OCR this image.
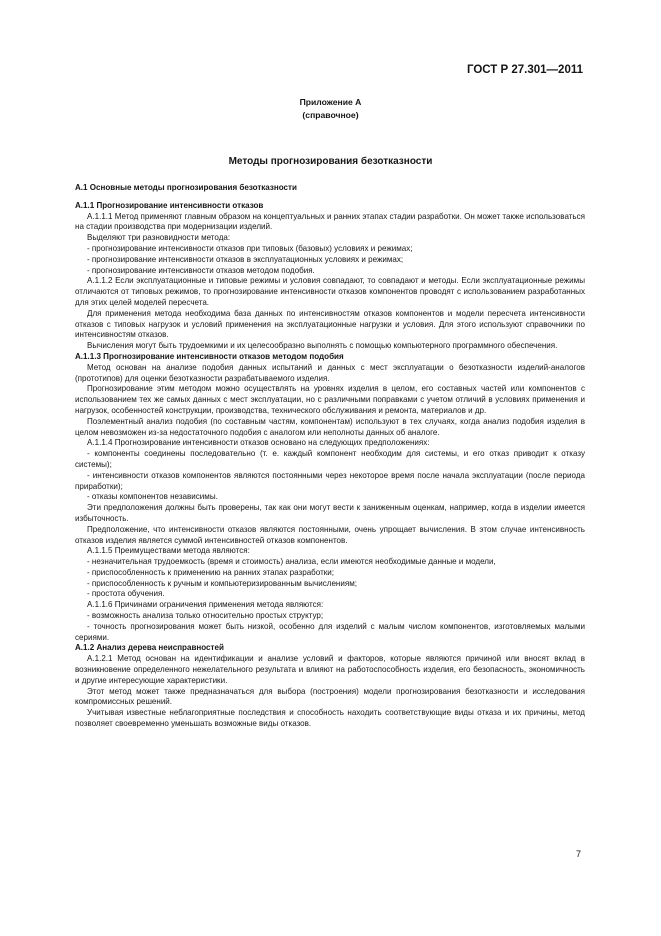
ГОСТ Р 27.301—2011
Приложение А
(справочное)
Методы прогнозирования безотказности

А.1 Основные методы прогнозирования безотказности

А.1.1 Прогнозирование интенсивности отказов

А.1.1.1 Метод применяют главным образом на концептуальных и ранних этапах стадии разработки. Он может также использоваться на стадии производства при модернизации изделий.

Выделяют три разновидности метода:

- прогнозирование интенсивности отказов при типовых (базовых) условиях и режимах;

- прогнозирование интенсивности отказов в эксплуатационных условиях и режимах;

- прогнозирование интенсивности отказов методом подобия.

А.1.1.2 Если эксплуатационные и типовые режимы и условия совпадают, то совпадают и методы. Если эксплуатационные режимы отличаются от типовых режимов, то прогнозирование интенсивности отказов компонентов проводят с использованием разработанных для этих целей моделей пересчета.

Для применения метода необходима база данных по интенсивностям отказов компонентов и модели пересчета интенсивности отказов с типовых нагрузок и условий применения на эксплуатационные нагрузки и условия. Для этого используют справочники по интенсивностям отказов.

Вычисления могут быть трудоемкими и их целесообразно выполнять с помощью компьютерного программного обеспечения.

А.1.1.3 Прогнозирование интенсивности отказов методом подобия

Метод основан на анализе подобия данных испытаний и данных с мест эксплуатации о безотказности изделий-аналогов (прототипов) для оценки безотказности разрабатываемого изделия.

Прогнозирование этим методом можно осуществлять на уровнях изделия в целом, его составных частей или компонентов с использованием тех же самых данных с мест эксплуатации, но с различными поправками с учетом отличий в условиях применения и нагрузок, особенностей конструкции, производства, технического обслуживания и ремонта, материалов и др.

Поэлементный анализ подобия (по составным частям, компонентам) используют в тех случаях, когда анализ подобия изделия в целом невозможен из-за недостаточного подобия с аналогом или неполноты данных об аналоге.

А.1.1.4 Прогнозирование интенсивности отказов основано на следующих предположениях:

- компоненты соединены последовательно (т. е. каждый компонент необходим для системы, и его отказ приводит к отказу системы);

- интенсивности отказов компонентов являются постоянными через некоторое время после начала эксплуатации (после периода приработки);

- отказы компонентов независимы.

Эти предположения должны быть проверены, так как они могут вести к заниженным оценкам, например, когда в изделии имеется избыточность.

Предположение, что интенсивности отказов являются постоянными, очень упрощает вычисления. В этом случае интенсивность отказов изделия является суммой интенсивностей отказов компонентов.

А.1.1.5 Преимуществами метода являются:

- незначительная трудоемкость (время и стоимость) анализа, если имеются необходимые данные и модели,

- приспособленность к применению на ранних этапах разработки;

- приспособленность к ручным и компьютеризированным вычислениям;

- простота обучения.

А.1.1.6 Причинами ограничения применения метода являются:

- возможность анализа только относительно простых структур;

- точность прогнозирования может быть низкой, особенно для изделий с малым числом компонентов, изготовляемых малыми сериями.

А.1.2 Анализ дерева неисправностей

А.1.2.1 Метод основан на идентификации и анализе условий и факторов, которые являются причиной или вносят вклад в возникновение определенного нежелательного результата и влияют на работоспособность изделия, его безопасность, экономичность и другие интересующие характеристики.

Этот метод может также предназначаться для выбора (построения) модели прогнозирования безотказности и исследования компромиссных решений.

Учитывая известные неблагоприятные последствия и способность находить соответствующие виды отказа и их причины, метод позволяет своевременно уменьшать возможные виды отказов.

7
